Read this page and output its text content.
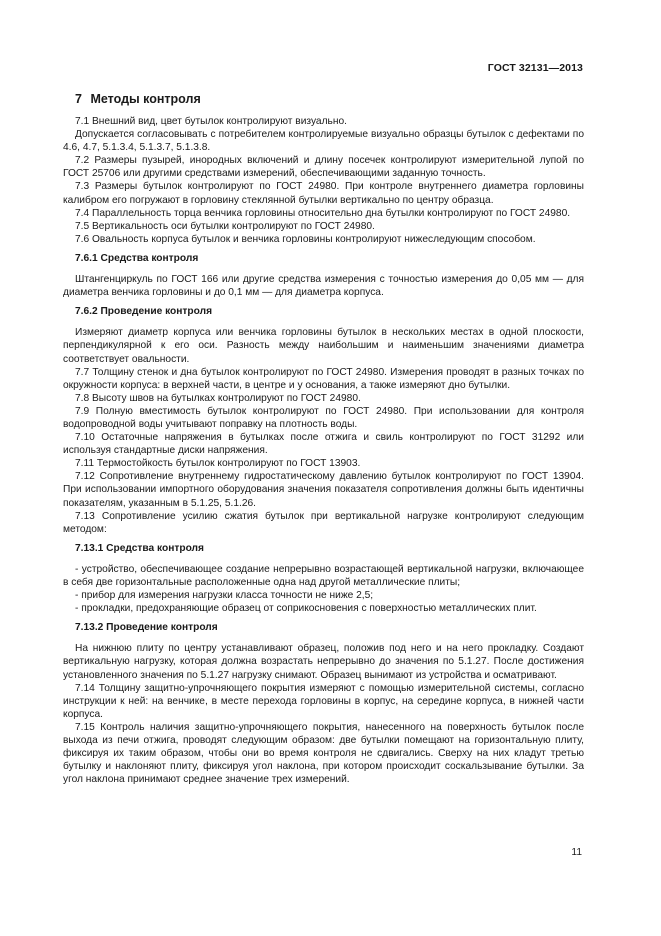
ГОСТ 32131—2013
7 Методы контроля

7.1 Внешний вид, цвет бутылок контролируют визуально.

Допускается согласовывать с потребителем контролируемые визуально образцы бутылок с дефектами по 4.6, 4.7, 5.1.3.4, 5.1.3.7, 5.1.3.8.

7.2 Размеры пузырей, инородных включений и длину посечек контролируют измерительной лупой по ГОСТ 25706 или другими средствами измерений, обеспечивающими заданную точность.

7.3 Размеры бутылок контролируют по ГОСТ 24980. При контроле внутреннего диаметра горловины калибром его погружают в горловину стеклянной бутылки вертикально по центру образца.

7.4 Параллельность торца венчика горловины относительно дна бутылки контролируют по ГОСТ 24980.

7.5 Вертикальность оси бутылки контролируют по ГОСТ 24980.

7.6 Овальность корпуса бутылок и венчика горловины контролируют нижеследующим способом.

7.6.1 Средства контроля

Штангенциркуль по ГОСТ 166 или другие средства измерения с точностью измерения до 0,05 мм — для диаметра венчика горловины и до 0,1 мм — для диаметра корпуса.

7.6.2 Проведение контроля

Измеряют диаметр корпуса или венчика горловины бутылок в нескольких местах в одной плоскости, перпендикулярной к его оси. Разность между наибольшим и наименьшим значениями диаметра соответствует овальности.

7.7 Толщину стенок и дна бутылок контролируют по ГОСТ 24980. Измерения проводят в разных точках по окружности корпуса: в верхней части, в центре и у основания, а также измеряют дно бутылки.

7.8 Высоту швов на бутылках контролируют по ГОСТ 24980.

7.9 Полную вместимость бутылок контролируют по ГОСТ 24980. При использовании для контроля водопроводной воды учитывают поправку на плотность воды.

7.10 Остаточные напряжения в бутылках после отжига и свиль контролируют по ГОСТ 31292 или используя стандартные диски напряжения.

7.11 Термостойкость бутылок контролируют по ГОСТ 13903.

7.12 Сопротивление внутреннему гидростатическому давлению бутылок контролируют по ГОСТ 13904. При использовании импортного оборудования значения показателя сопротивления должны быть идентичны показателям, указанным в 5.1.25, 5.1.26.

7.13 Сопротивление усилию сжатия бутылок при вертикальной нагрузке контролируют следующим методом:

7.13.1 Средства контроля

- устройство, обеспечивающее создание непрерывно возрастающей вертикальной нагрузки, включающее в себя две горизонтальные расположенные одна над другой металлические плиты;

- прибор для измерения нагрузки класса точности не ниже 2,5;

- прокладки, предохраняющие образец от соприкосновения с поверхностью металлических плит.

7.13.2 Проведение контроля

На нижнюю плиту по центру устанавливают образец, положив под него и на него прокладку. Создают вертикальную нагрузку, которая должна возрастать непрерывно до значения по 5.1.27. После достижения установленного значения по 5.1.27 нагрузку снимают. Образец вынимают из устройства и осматривают.

7.14 Толщину защитно-упрочняющего покрытия измеряют с помощью измерительной системы, согласно инструкции к ней: на венчике, в месте перехода горловины в корпус, на середине корпуса, в нижней части корпуса.

7.15 Контроль наличия защитно-упрочняющего покрытия, нанесенного на поверхность бутылок после выхода из печи отжига, проводят следующим образом: две бутылки помещают на горизонтальную плиту, фиксируя их таким образом, чтобы они во время контроля не сдвигались. Сверху на них кладут третью бутылку и наклоняют плиту, фиксируя угол наклона, при котором происходит соскальзывание бутылки. За угол наклона принимают среднее значение трех измерений.

11
